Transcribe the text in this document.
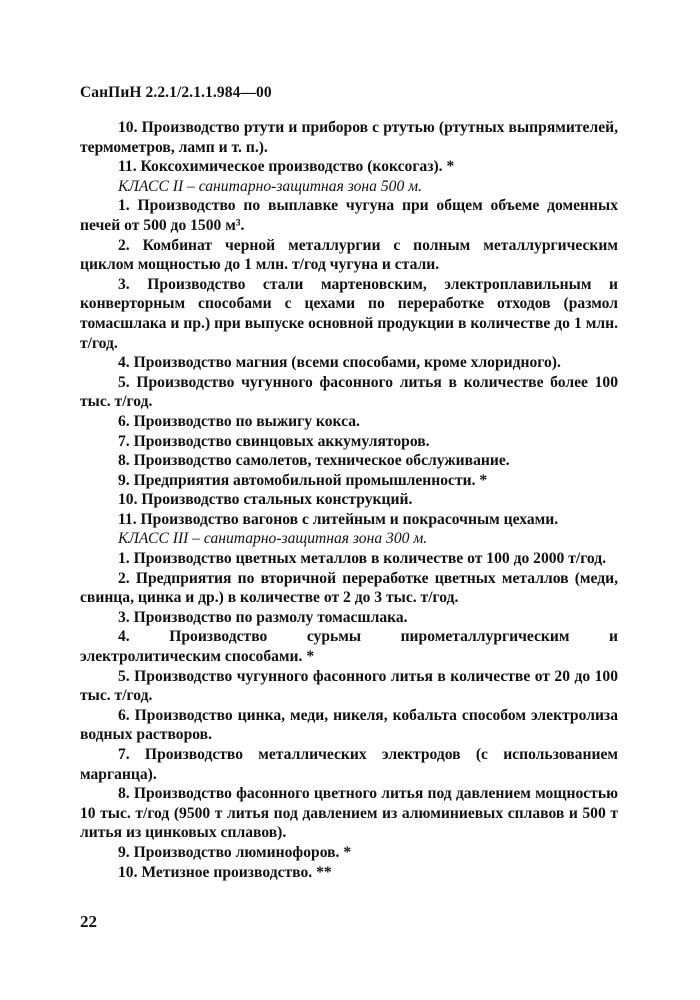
СанПиН 2.2.1/2.1.1.984—00

10. Производство ртути и приборов с ртутью (ртутных выпрямителей, термометров, ламп и т. п.).

11. Коксохимическое производство (коксогаз). *

КЛАСС II – санитарно-защитная зона 500 м.

1. Производство по выплавке чугуна при общем объеме доменных печей от 500 до 1500 м³.

2. Комбинат черной металлургии с полным металлургическим циклом мощностью до 1 млн. т/год чугуна и стали.

3. Производство стали мартеновским, электроплавильным и конверторным способами с цехами по переработке отходов (размол томасшлака и пр.) при выпуске основной продукции в количестве до 1 млн. т/год.

4. Производство магния (всеми способами, кроме хлоридного).

5. Производство чугунного фасонного литья в количестве более 100 тыс. т/год.

6. Производство по выжигу кокса.

7. Производство свинцовых аккумуляторов.

8. Производство самолетов, техническое обслуживание.

9. Предприятия автомобильной промышленности. *

10. Производство стальных конструкций.

11. Производство вагонов с литейным и покрасочным цехами.

КЛАСС III – санитарно-защитная зона 300 м.

1. Производство цветных металлов в количестве от 100 до 2000 т/год.

2. Предприятия по вторичной переработке цветных металлов (меди, свинца, цинка и др.) в количестве от 2 до 3 тыс. т/год.

3. Производство по размолу томасшлака.

4. Производство сурьмы пирометаллургическим и электролитическим способами. *

5. Производство чугунного фасонного литья в количестве от 20 до 100 тыс. т/год.

6. Производство цинка, меди, никеля, кобальта способом электролиза водных растворов.

7. Производство металлических электродов (с использованием марганца).

8. Производство фасонного цветного литья под давлением мощностью 10 тыс. т/год (9500 т литья под давлением из алюминиевых сплавов и 500 т литья из цинковых сплавов).

9. Производство люминофоров. *

10. Метизное производство. **

22
